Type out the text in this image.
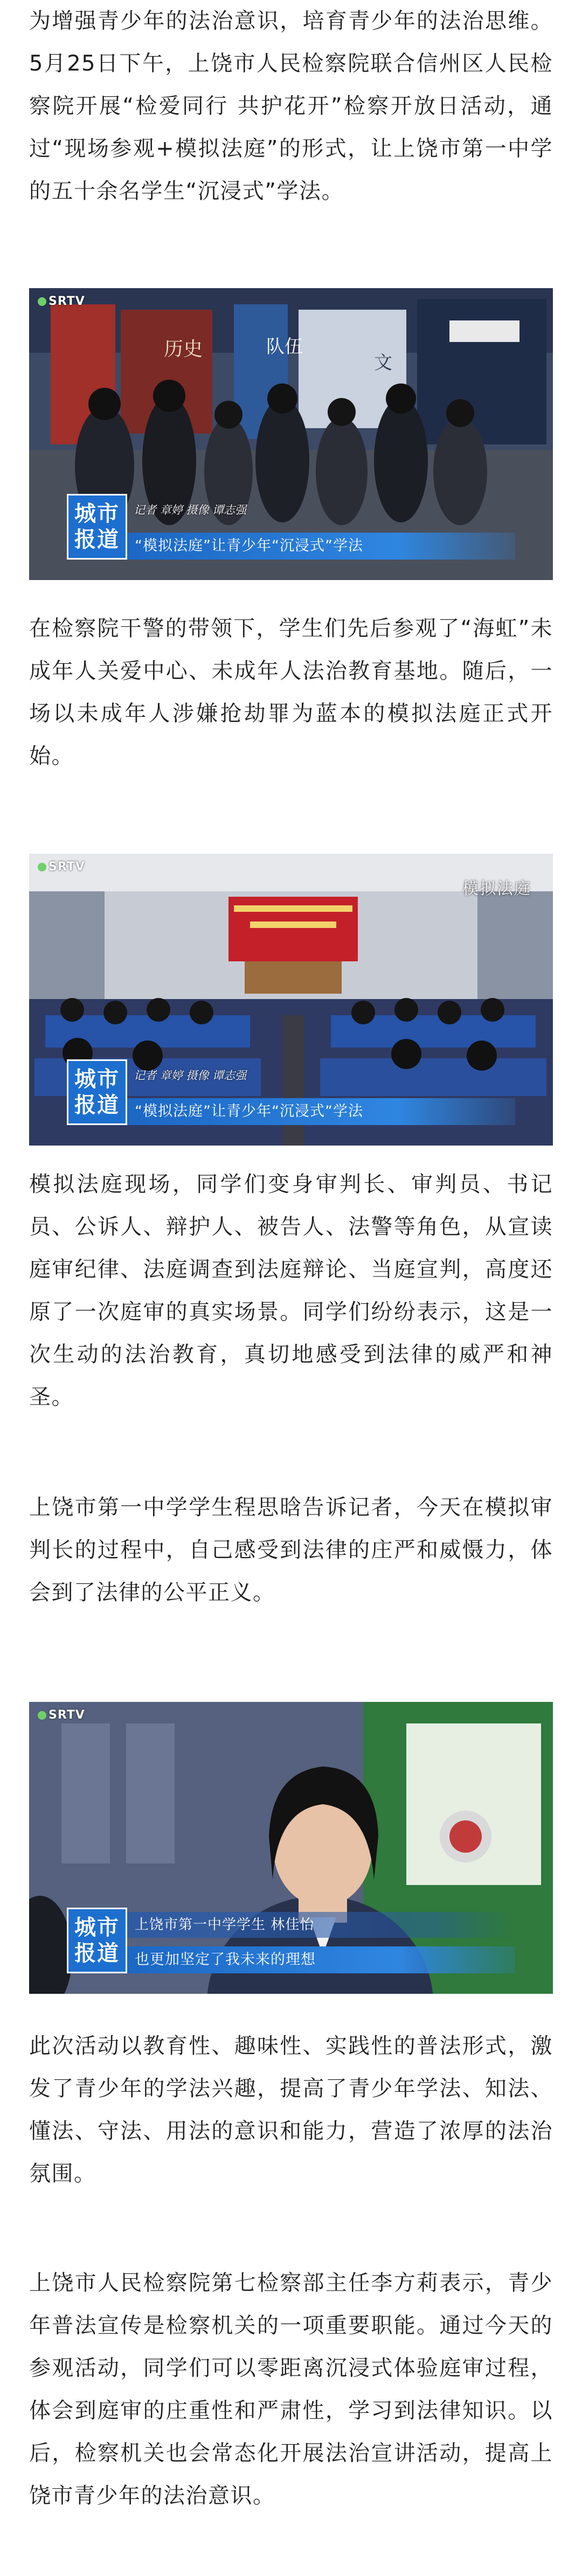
为增强青少年的法治意识，培育青少年的法治思维。5月25日下午，上饶市人民检察院联合信州区人民检察院开展“检爱同行 共护花开”检察开放日活动，通过“现场参观+模拟法庭”的形式，让上饶市第一中学的五十余名学生“沉浸式”学法。

历史	队伍
文
SRTV
城市
报道
记者 章婷 摄像 谭志强
“模拟法庭”让青少年“沉浸式”学法

在检察院干警的带领下，学生们先后参观了“海虹”未成年人关爱中心、未成年人法治教育基地。随后，一场以未成年人涉嫌抢劫罪为蓝本的模拟法庭正式开始。

SRTV
模拟法庭
城市
报道
记者 章婷 摄像 谭志强
“模拟法庭”让青少年“沉浸式”学法

模拟法庭现场，同学们变身审判长、审判员、书记员、公诉人、辩护人、被告人、法警等角色，从宣读庭审纪律、法庭调查到法庭辩论、当庭宣判，高度还原了一次庭审的真实场景。同学们纷纷表示，这是一次生动的法治教育，真切地感受到法律的威严和神圣。

上饶市第一中学学生程思晗告诉记者，今天在模拟审判长的过程中，自己感受到法律的庄严和威慑力，体会到了法律的公平正义。

SRTV
城市
报道
上饶市第一中学学生 林佳怡
也更加坚定了我未来的理想

此次活动以教育性、趣味性、实践性的普法形式，激发了青少年的学法兴趣，提高了青少年学法、知法、懂法、守法、用法的意识和能力，营造了浓厚的法治氛围。

上饶市人民检察院第七检察部主任李方莉表示，青少年普法宣传是检察机关的一项重要职能。通过今天的参观活动，同学们可以零距离沉浸式体验庭审过程，体会到庭审的庄重性和严肃性，学习到法律知识。以后，检察机关也会常态化开展法治宣讲活动，提高上饶市青少年的法治意识。
